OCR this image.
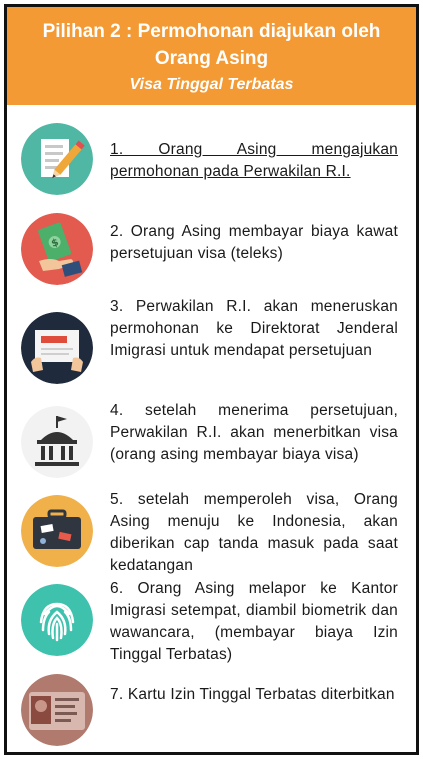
Pilihan 2 : Permohonan diajukan oleh
Orang Asing
Visa Tinggal Terbatas
1. Orang Asing mengajukan permohonan pada Perwakilan R.I.
$
2. Orang Asing membayar biaya kawat persetujuan visa (teleks)
3. Perwakilan R.I. akan meneruskan permohonan ke Direktorat Jenderal Imigrasi untuk mendapat persetujuan
4. setelah menerima persetujuan, Perwakilan R.I. akan menerbitkan visa (orang asing membayar biaya visa)
5. setelah memperoleh visa, Orang Asing menuju ke Indonesia, akan diberikan cap tanda masuk pada saat kedatangan
6. Orang Asing melapor ke Kantor Imigrasi setempat, diambil biometrik dan wawancara, (membayar biaya Izin Tinggal Terbatas)
7. Kartu Izin Tinggal Terbatas diterbitkan
